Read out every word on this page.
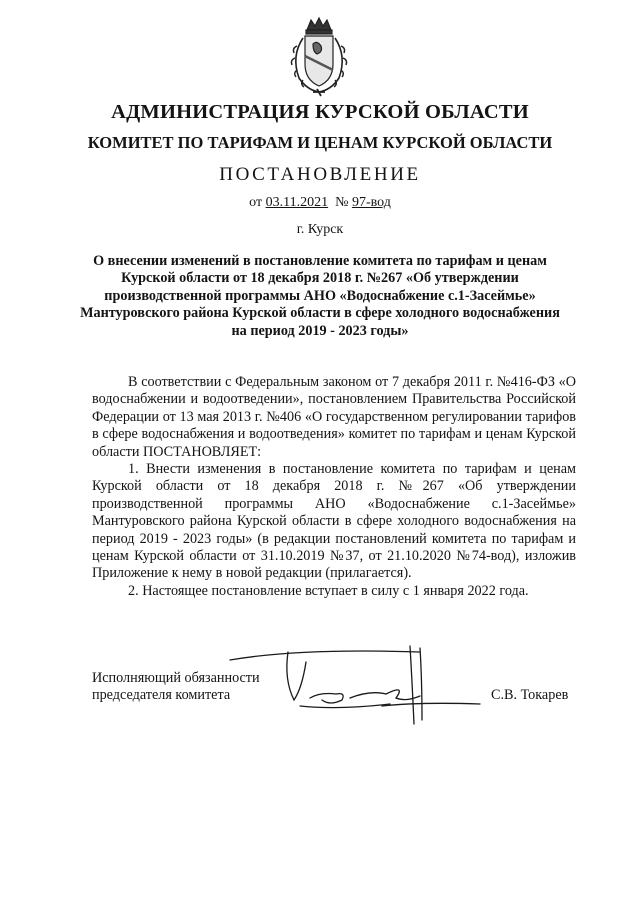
АДМИНИСТРАЦИЯ КУРСКОЙ ОБЛАСТИ
КОМИТЕТ ПО ТАРИФАМ И ЦЕНАМ КУРСКОЙ ОБЛАСТИ
ПОСТАНОВЛЕНИЕ
от 03.11.2021 № 97-вод
г. Курск
О внесении изменений в постановление комитета по тарифам и ценам Курской области от 18 декабря 2018 г. №267 «Об утверждении производственной программы АНО «Водоснабжение с.1-Засеймье» Мантуровского района Курской области в сфере холодного водоснабжения на период 2019 - 2023 годы»

В соответствии с Федеральным законом от 7 декабря 2011 г. №416-ФЗ «О водоснабжении и водоотведении», постановлением Правительства Российской Федерации от 13 мая 2013 г. №406 «О государственном регулировании тарифов в сфере водоснабжения и водоотведения» комитет по тарифам и ценам Курской области ПОСТАНОВЛЯЕТ:

1. Внести изменения в постановление комитета по тарифам и ценам Курской области от 18 декабря 2018 г. №267 «Об утверждении производственной программы АНО «Водоснабжение с.1-Засеймье» Мантуровского района Курской области в сфере холодного водоснабжения на период 2019 - 2023 годы» (в редакции постановлений комитета по тарифам и ценам Курской области от 31.10.2019 №37, от 21.10.2020 №74-вод), изложив Приложение к нему в новой редакции (прилагается).

2. Настоящее постановление вступает в силу с 1 января 2022 года.

Исполняющий обязанности
председателя комитета	С.В. Токарев
